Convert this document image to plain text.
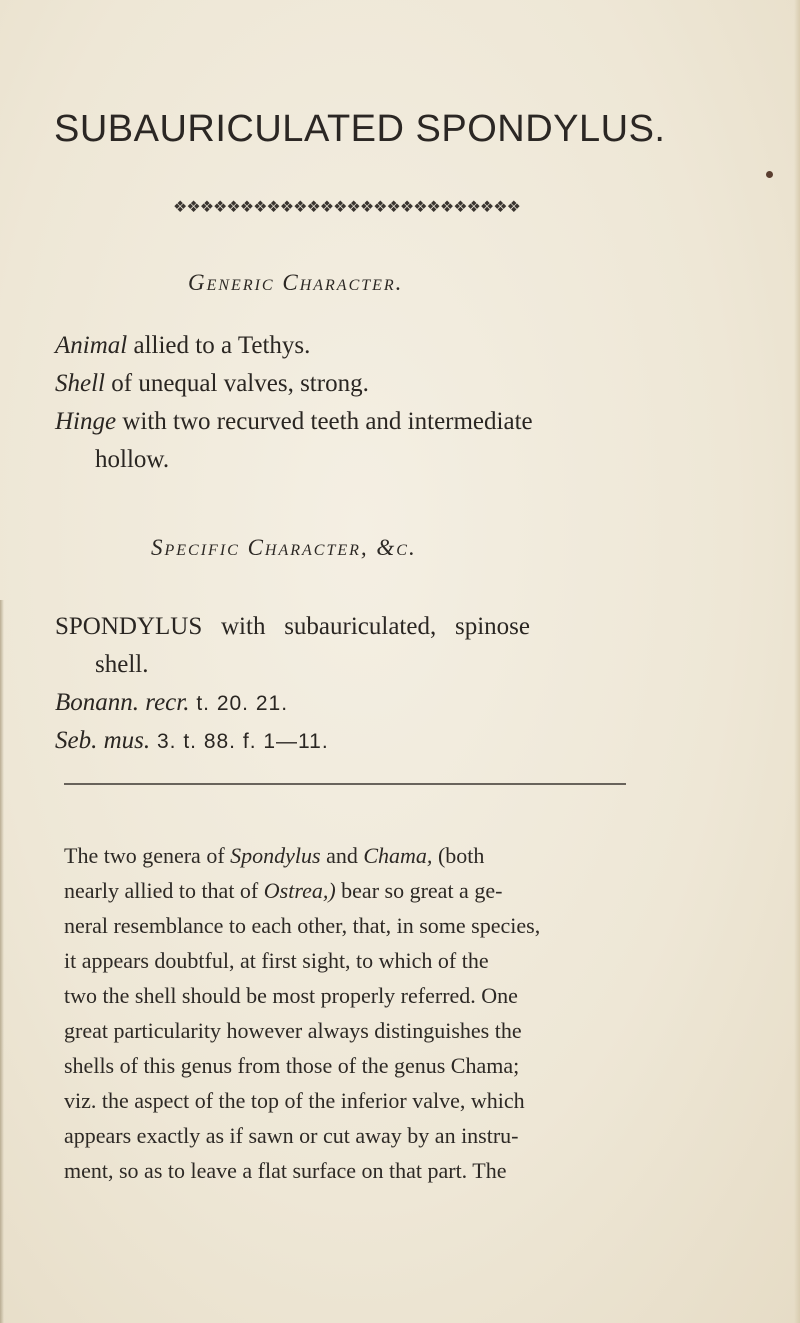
SUBAURICULATED SPONDYLUS.
❖❖❖❖❖❖❖❖❖❖❖❖❖❖❖❖❖❖❖❖❖❖❖❖❖❖
Generic Character.
Animal allied to a Tethys.
Shell of unequal valves, strong.
Hinge with two recurved teeth and intermediate
hollow.
Specific Character, &c.
SPONDYLUS   with   subauriculated,   spinose
shell.
Bonann. recr. t. 20. 21.
Seb. mus. 3. t. 88. f. 1—11.
The two genera of Spondylus and Chama, (both
nearly allied to that of Ostrea,) bear so great a ge-
neral resemblance to each other, that, in some species,
it appears doubtful, at first sight, to which of the
two the shell should be most properly referred. One
great particularity however always distinguishes the
shells of this genus from those of the genus Chama;
viz. the aspect of the top of the inferior valve, which
appears exactly as if sawn or cut away by an instru-
ment, so as to leave a flat surface on that part. The
